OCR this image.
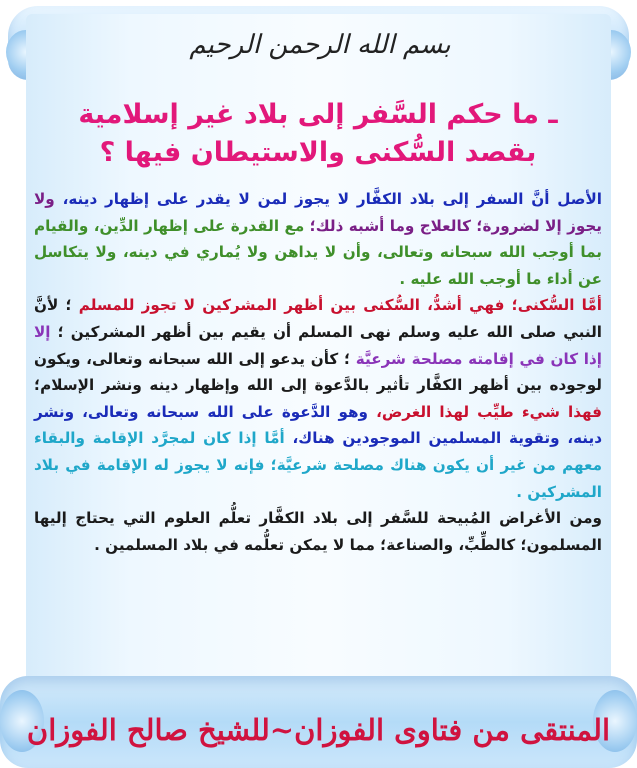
بسم الله الرحمن الرحيم
ـ ما حكم السَّفر إلى بلاد غير إسلامية
بقصد السُّكنى والاستيطان فيها ؟

الأصل أنَّ السفر إلى بلاد الكفَّار لا يجوز لمن لا يقدر على إظهار دينه، ولا يجوز إلا لضرورة؛ كالعلاج وما أشبه ذلك؛ مع القدرة على إظهار الدِّين، والقيام بما أوجب الله سبحانه وتعالى، وأن لا يداهن ولا يُماري في دينه، ولا يتكاسل عن أداء ما أوجب الله عليه .

أمَّا السُّكنى؛ فهي أشدُّ، السُّكنى بين أظهر المشركين لا تجوز للمسلم ؛ لأنَّ النبي صلى الله عليه وسلم نهى المسلم أن يقيم بين أظهر المشركين ؛ إلا إذا كان في إقامته مصلحة شرعيَّة ؛ كأن يدعو إلى الله سبحانه وتعالى، ويكون لوجوده بين أظهر الكفَّار تأثير بالدَّعوة إلى الله وإظهار دينه ونشر الإسلام؛ فهذا شيء طيِّب لهذا الغرض، وهو الدَّعوة على الله سبحانه وتعالى، ونشر دينه، وتقوية المسلمين الموجودين هناك، أمَّا إذا كان لمجرَّد الإقامة والبقاء معهم من غير أن يكون هناك مصلحة شرعيَّة؛ فإنه لا يجوز له الإقامة في بلاد المشركين .

ومن الأغراض المُبيحة للسَّفر إلى بلاد الكفَّار تعلُّم العلوم التي يحتاج إليها المسلمون؛ كالطِّبِّ، والصناعة؛ مما لا يمكن تعلُّمه في بلاد المسلمين .

المنتقى من فتاوى الفوزان~للشيخ صالح الفوزان
